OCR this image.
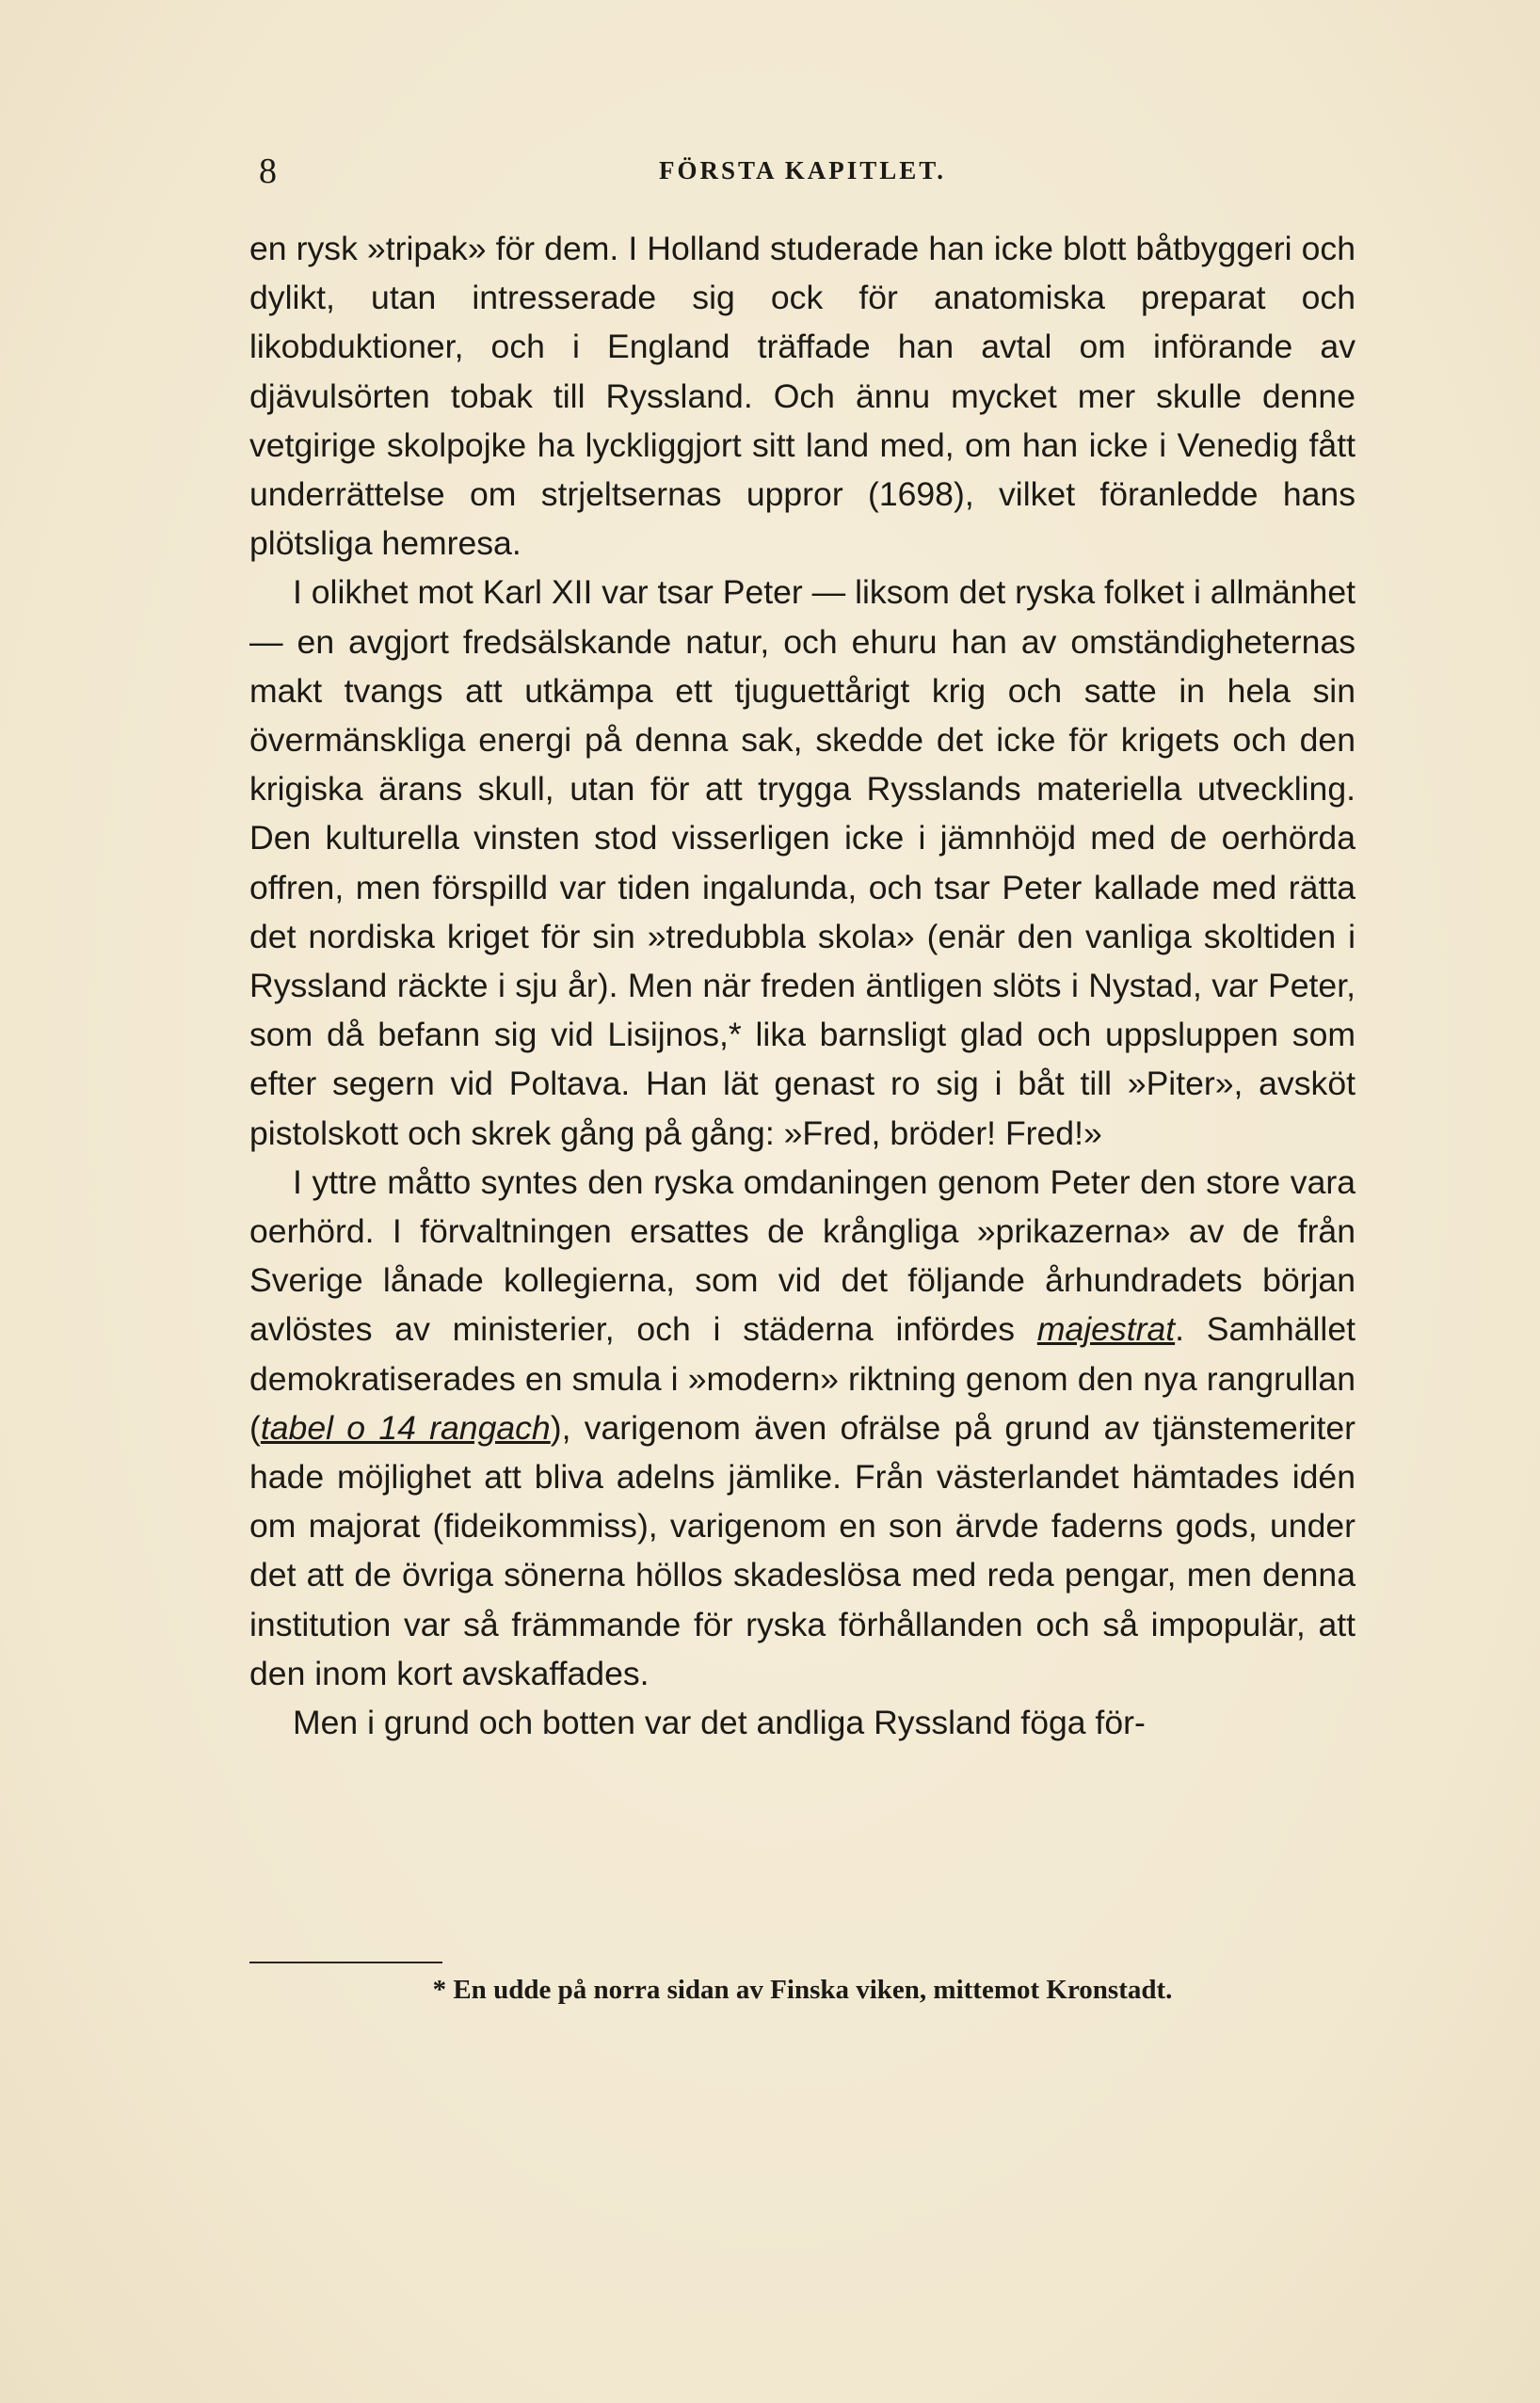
8	FÖRSTA KAPITLET.

en rysk »tripak» för dem. I Holland studerade han icke blott båtbyggeri och dylikt, utan intresserade sig ock för anatomiska preparat och likobduktioner, och i England träffade han avtal om införande av djävulsörten tobak till Ryssland. Och ännu mycket mer skulle denne vetgirige skolpojke ha lyckliggjort sitt land med, om han icke i Venedig fått underrättelse om strjeltsernas uppror (1698), vilket föranledde hans plötsliga hemresa.

I olikhet mot Karl XII var tsar Peter — liksom det ryska folket i allmänhet — en avgjort fredsälskande natur, och ehuru han av omständigheternas makt tvangs att utkämpa ett tjuguettårigt krig och satte in hela sin övermänskliga energi på denna sak, skedde det icke för krigets och den krigiska ärans skull, utan för att trygga Rysslands materiella utveckling. Den kulturella vinsten stod visserligen icke i jämnhöjd med de oerhörda offren, men förspilld var tiden ingalunda, och tsar Peter kallade med rätta det nordiska kriget för sin »tredubbla skola» (enär den vanliga skoltiden i Ryssland räckte i sju år). Men när freden äntligen slöts i Nystad, var Peter, som då befann sig vid Lisijnos,* lika barnsligt glad och uppsluppen som efter segern vid Poltava. Han lät genast ro sig i båt till »Piter», avsköt pistolskott och skrek gång på gång: »Fred, bröder! Fred!»

I yttre måtto syntes den ryska omdaningen genom Peter den store vara oerhörd. I förvaltningen ersattes de krångliga »prikazerna» av de från Sverige lånade kollegierna, som vid det följande århundradets början avlöstes av ministerier, och i städerna infördes majestrat. Samhället demokratiserades en smula i »modern» riktning genom den nya rangrullan (tabel o 14 rangach), varigenom även ofrälse på grund av tjänstemeriter hade möjlighet att bliva adelns jämlike. Från västerlandet hämtades idén om majorat (fideikommiss), varigenom en son ärvde faderns gods, under det att de övriga sönerna höllos skadeslösa med reda pengar, men denna institution var så främmande för ryska förhållanden och så impopulär, att den inom kort avskaffades.

Men i grund och botten var det andliga Ryssland föga för-

* En udde på norra sidan av Finska viken, mittemot Kronstadt.
